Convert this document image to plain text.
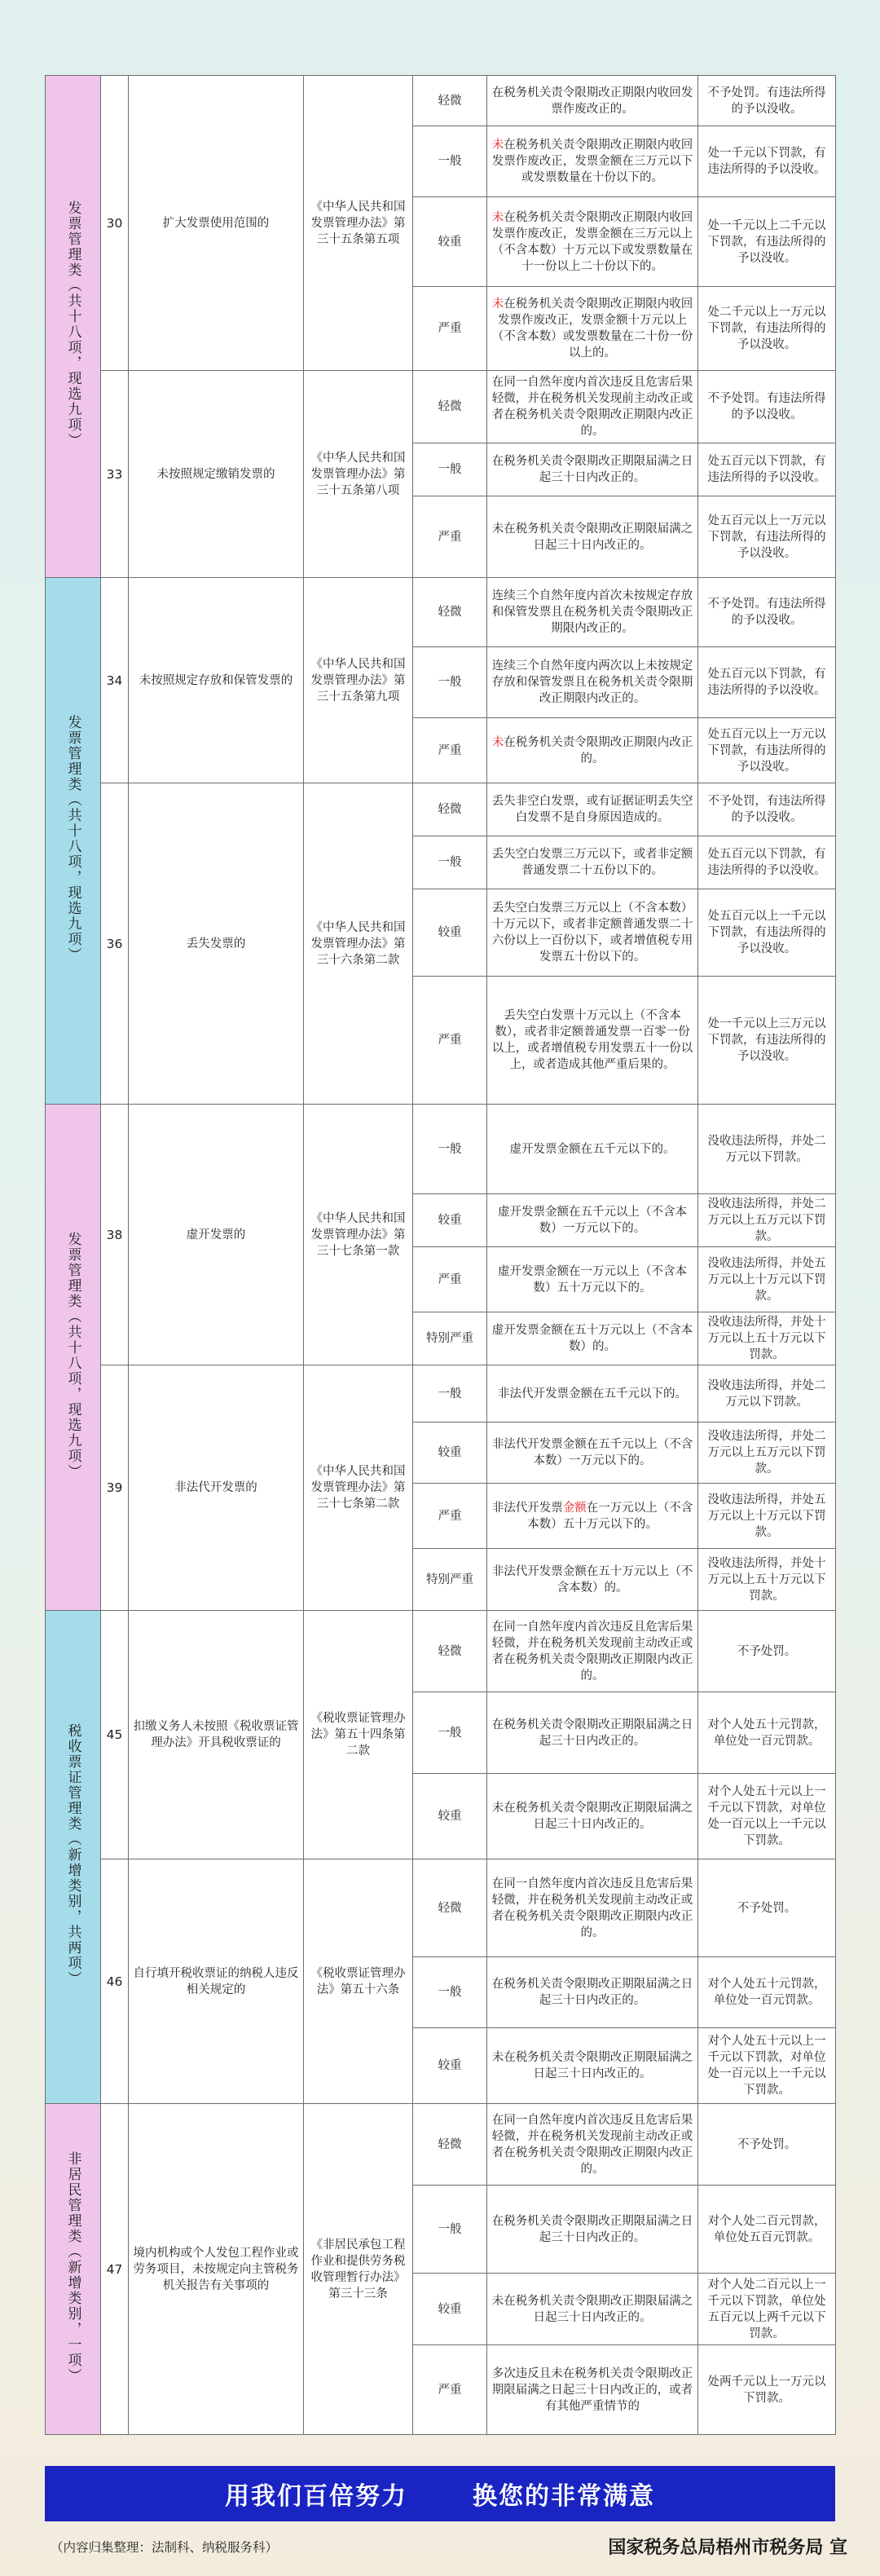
发票管理类（共十八项，现选九项）	30	扩大发票使用范围的	《中华人民共和国发票管理办法》第三十五条第五项	轻微	在税务机关责令限期改正期限内收回发票作废改正的。	不予处罚。有违法所得的予以没收。
				一般	未在税务机关责令限期改正期限内收回发票作废改正，发票金额在三万元以下或发票数量在十份以下的。	处一千元以下罚款，有违法所得的予以没收。
				较重	未在税务机关责令限期改正期限内收回发票作废改正，发票金额在三万元以上（不含本数）十万元以下或发票数量在十一份以上二十份以下的。	处一千元以上二千元以下罚款，有违法所得的予以没收。
				严重	未在税务机关责令限期改正期限内收回发票作废改正，发票金额十万元以上（不含本数）或发票数量在二十份一份以上的。	处二千元以上一万元以下罚款，有违法所得的予以没收。
	33	未按照规定缴销发票的	《中华人民共和国发票管理办法》第三十五条第八项	轻微	在同一自然年度内首次违反且危害后果轻微，并在税务机关发现前主动改正或者在税务机关责令限期改正期限内改正的。	不予处罚。有违法所得的予以没收。
				一般	在税务机关责令限期改正期限届满之日起三十日内改正的。	处五百元以下罚款，有违法所得的予以没收。
				严重	未在税务机关责令限期改正期限届满之日起三十日内改正的。	处五百元以上一万元以下罚款，有违法所得的予以没收。
发票管理类（共十八项，现选九项）	34	未按照规定存放和保管发票的	《中华人民共和国发票管理办法》第三十五条第九项	轻微	连续三个自然年度内首次未按规定存放和保管发票且在税务机关责令限期改正期限内改正的。	不予处罚。有违法所得的予以没收。
				一般	连续三个自然年度内两次以上未按规定存放和保管发票且在税务机关责令限期改正期限内改正的。	处五百元以下罚款，有违法所得的予以没收。
				严重	未在税务机关责令限期改正期限内改正的。	处五百元以上一万元以下罚款，有违法所得的予以没收。
	36	丢失发票的	《中华人民共和国发票管理办法》第三十六条第二款	轻微	丢失非空白发票，或有证据证明丢失空白发票不是自身原因造成的。	不予处罚，有违法所得的予以没收。
				一般	丢失空白发票三万元以下，或者非定额普通发票二十五份以下的。	处五百元以下罚款，有违法所得的予以没收。
				较重	丢失空白发票三万元以上（不含本数）十万元以下，或者非定额普通发票二十六份以上一百份以下，或者增值税专用发票五十份以下的。	处五百元以上一千元以下罚款，有违法所得的予以没收。
				严重	丢失空白发票十万元以上（不含本数），或者非定额普通发票一百零一份以上，或者增值税专用发票五十一份以上，或者造成其他严重后果的。	处一千元以上三万元以下罚款，有违法所得的予以没收。
发票管理类（共十八项，现选九项）	38	虚开发票的	《中华人民共和国发票管理办法》第三十七条第一款	一般	虚开发票金额在五千元以下的。	没收违法所得，并处二万元以下罚款。
				较重	虚开发票金额在五千元以上（不含本数）一万元以下的。	没收违法所得，并处二万元以上五万元以下罚款。
				严重	虚开发票金额在一万元以上（不含本数）五十万元以下的。	没收违法所得，并处五万元以上十万元以下罚款。
				特别严重	虚开发票金额在五十万元以上（不含本数）的。	没收违法所得，并处十万元以上五十万元以下罚款。
	39	非法代开发票的	《中华人民共和国发票管理办法》第三十七条第二款	一般	非法代开发票金额在五千元以下的。	没收违法所得，并处二万元以下罚款。
				较重	非法代开发票金额在五千元以上（不含本数）一万元以下的。	没收违法所得，并处二万元以上五万元以下罚款。
				严重	非法代开发票金额在一万元以上（不含本数）五十万元以下的。	没收违法所得，并处五万元以上十万元以下罚款。
				特别严重	非法代开发票金额在五十万元以上（不含本数）的。	没收违法所得，并处十万元以上五十万元以下罚款。
税收票证管理类（新增类别，共两项）	45	扣缴义务人未按照《税收票证管理办法》开具税收票证的	《税收票证管理办法》第五十四条第二款	轻微	在同一自然年度内首次违反且危害后果轻微，并在税务机关发现前主动改正或者在税务机关责令限期改正期限内改正的。	不予处罚。
				一般	在税务机关责令限期改正期限届满之日起三十日内改正的。	对个人处五十元罚款，单位处一百元罚款。
				较重	未在税务机关责令限期改正期限届满之日起三十日内改正的。	对个人处五十元以上一千元以下罚款，对单位处一百元以上一千元以下罚款。
	46	自行填开税收票证的纳税人违反相关规定的	《税收票证管理办法》第五十六条	轻微	在同一自然年度内首次违反且危害后果轻微，并在税务机关发现前主动改正或者在税务机关责令限期改正期限内改正的。	不予处罚。
				一般	在税务机关责令限期改正期限届满之日起三十日内改正的。	对个人处五十元罚款，单位处一百元罚款。
				较重	未在税务机关责令限期改正期限届满之日起三十日内改正的。	对个人处五十元以上一千元以下罚款，对单位处一百元以上一千元以下罚款。
非居民管理类（新增类别，一项）	47	境内机构或个人发包工程作业或劳务项目，未按规定向主管税务机关报告有关事项的	《非居民承包工程作业和提供劳务税收管理暂行办法》第三十三条	轻微	在同一自然年度内首次违反且危害后果轻微，并在税务机关发现前主动改正或者在税务机关责令限期改正期限内改正的。	不予处罚。
				一般	在税务机关责令限期改正期限届满之日起三十日内改正的。	对个人处二百元罚款，单位处五百元罚款。
				较重	未在税务机关责令限期改正期限届满之日起三十日内改正的。	对个人处二百元以上一千元以下罚款，单位处五百元以上两千元以下罚款。
				严重	多次违反且未在税务机关责令限期改正期限届满之日起三十日内改正的，或者有其他严重情节的	处两千元以上一万元以下罚款。
用我们百倍努力	换您的非常满意
（内容归集整理：法制科、纳税服务科）	国家税务总局梧州市税务局 宣
